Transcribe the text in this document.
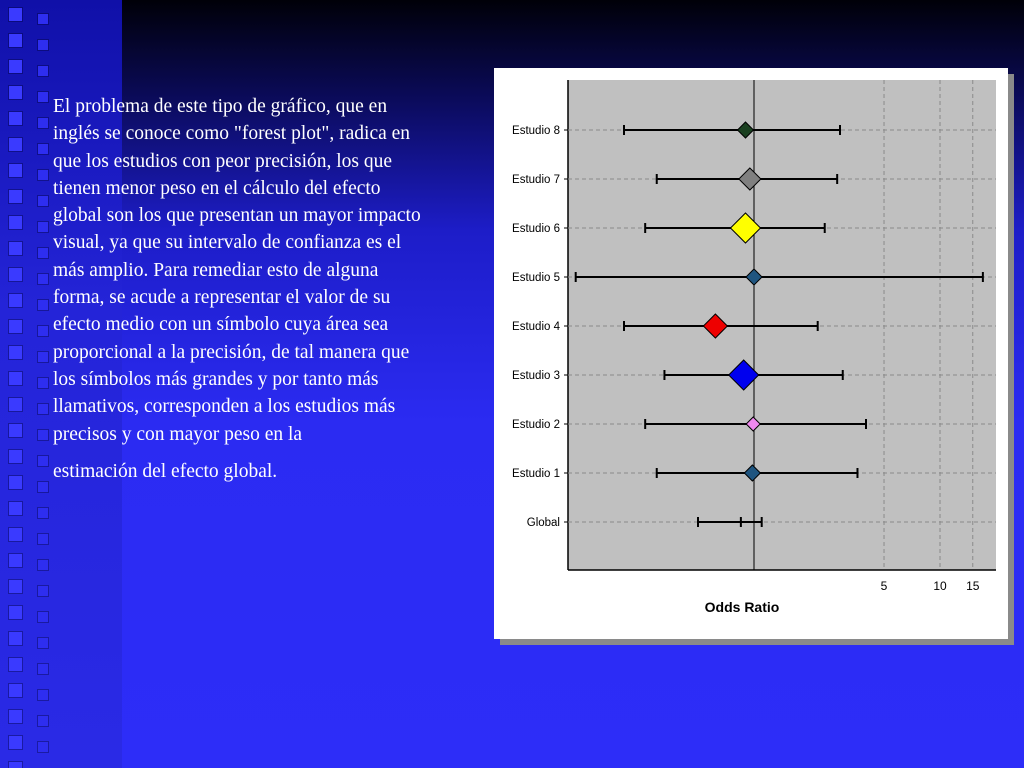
El problema de este tipo de gráfico, que en inglés se conoce como "forest plot", radica en que los estudios con peor precisión, los que tienen menor peso en el cálculo del efecto global son los que presentan un mayor impacto visual, ya que su intervalo de confianza es el más amplio. Para remediar esto de alguna forma, se acude a representar el valor de su efecto medio con un símbolo cuya área sea proporcional a la precisión, de tal manera que los símbolos más grandes y por tanto más llamativos, corresponden a los estudios más precisos y con mayor peso en la
estimación del efecto global.
5	10 15
Estudio 8
Estudio 7
Estudio 6
Estudio 5
Estudio 4
Estudio 3
Estudio 2
Estudio 1
Global
Odds Ratio
